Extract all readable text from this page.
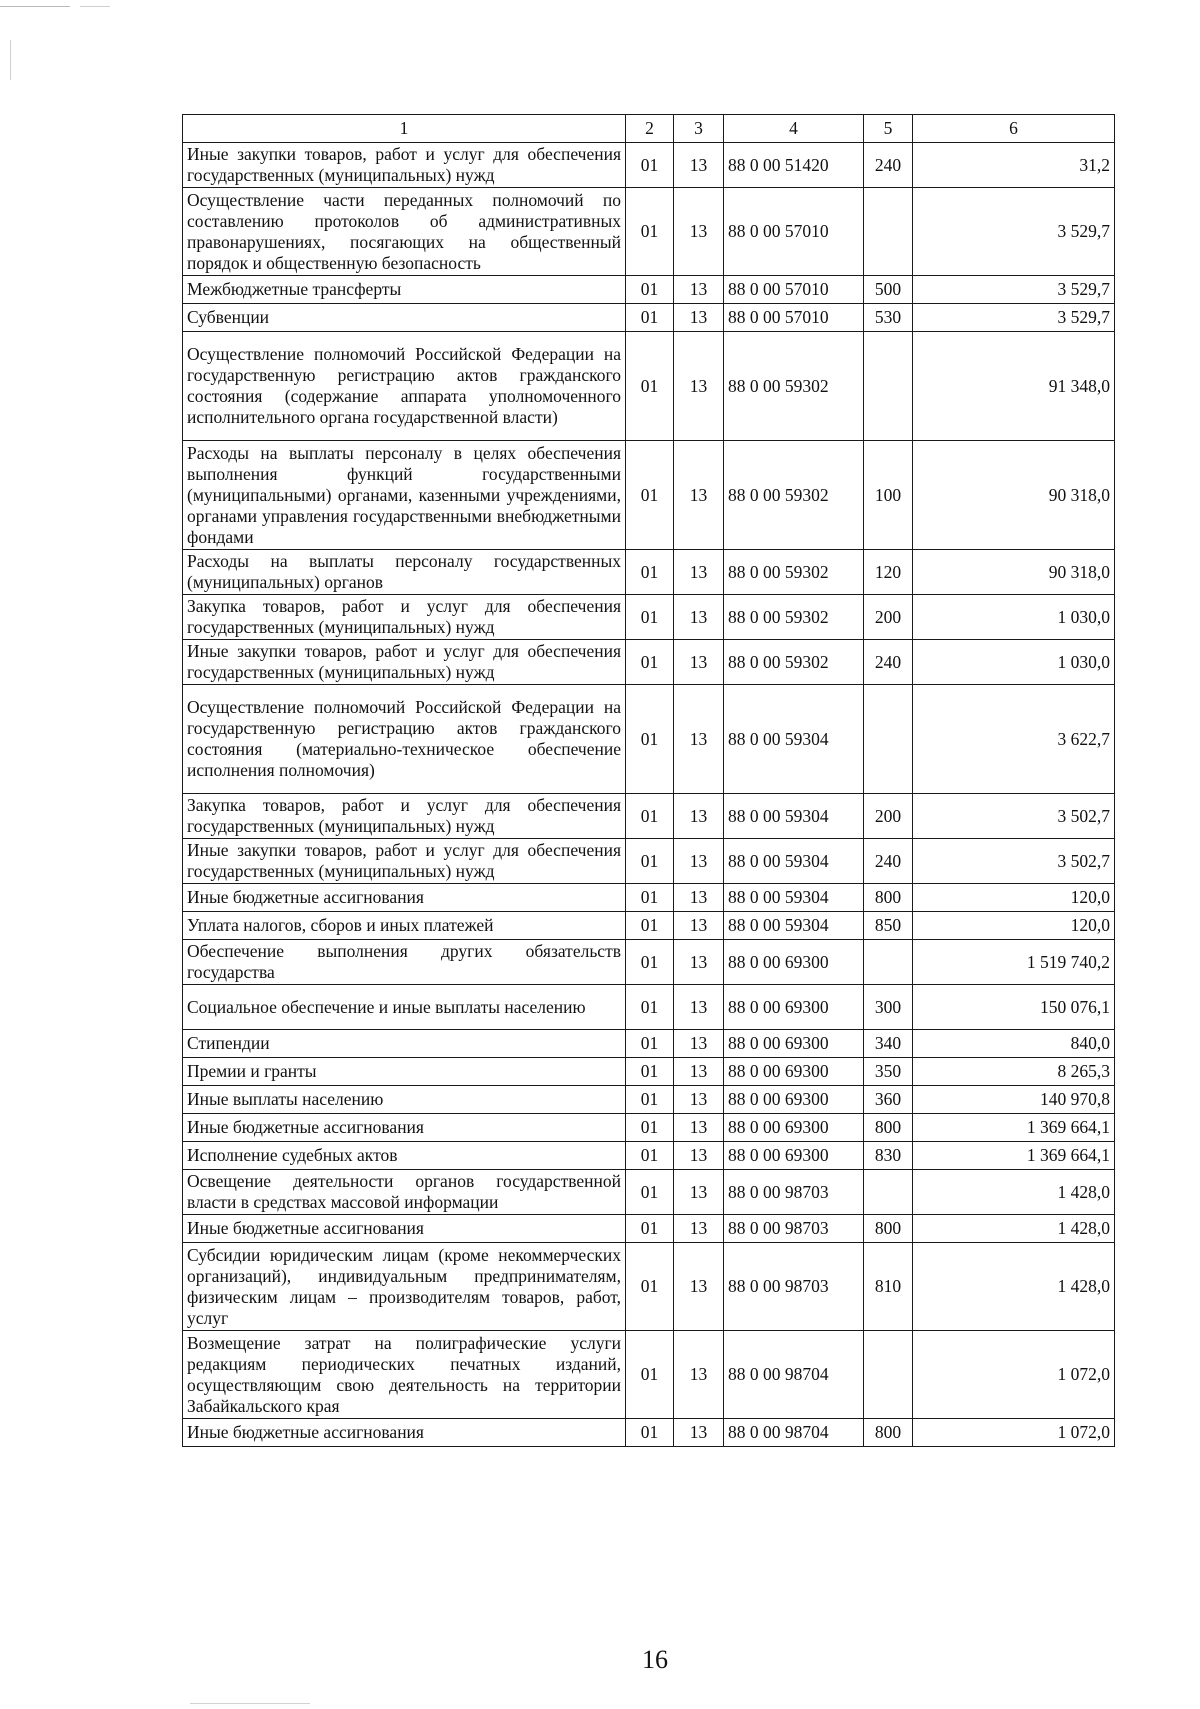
1	2	3	4	5	6
Иные закупки товаров, работ и услуг для обеспечения государственных (муниципальных) нужд	01	13	88 0 00 51420	240	31,2
Осуществление части переданных полномочий по составлению протоколов об административных правонарушениях, посягающих на общественный порядок и общественную безопасность	01	13	88 0 00 57010		3 529,7
Межбюджетные трансферты	01	13	88 0 00 57010	500	3 529,7
Субвенции	01	13	88 0 00 57010	530	3 529,7
Осуществление полномочий Российской Федерации на государственную регистрацию актов гражданского состояния (содержание аппарата уполномоченного исполнительного органа государственной власти)	01	13	88 0 00 59302		91 348,0
Расходы на выплаты персоналу в целях обеспечения выполнения функций государственными (муниципальными) органами, казенными учреждениями, органами управления государственными внебюджетными фондами	01	13	88 0 00 59302	100	90 318,0
Расходы на выплаты персоналу государственных (муниципальных) органов	01	13	88 0 00 59302	120	90 318,0
Закупка товаров, работ и услуг для обеспечения государственных (муниципальных) нужд	01	13	88 0 00 59302	200	1 030,0
Иные закупки товаров, работ и услуг для обеспечения государственных (муниципальных) нужд	01	13	88 0 00 59302	240	1 030,0
Осуществление полномочий Российской Федерации на государственную регистрацию актов гражданского состояния (материально-техническое обеспечение исполнения полномочия)	01	13	88 0 00 59304		3 622,7
Закупка товаров, работ и услуг для обеспечения государственных (муниципальных) нужд	01	13	88 0 00 59304	200	3 502,7
Иные закупки товаров, работ и услуг для обеспечения государственных (муниципальных) нужд	01	13	88 0 00 59304	240	3 502,7
Иные бюджетные ассигнования	01	13	88 0 00 59304	800	120,0
Уплата налогов, сборов и иных платежей	01	13	88 0 00 59304	850	120,0
Обеспечение выполнения других обязательств государства	01	13	88 0 00 69300		1 519 740,2
Социальное обеспечение и иные выплаты населению	01	13	88 0 00 69300	300	150 076,1
Стипендии	01	13	88 0 00 69300	340	840,0
Премии и гранты	01	13	88 0 00 69300	350	8 265,3
Иные выплаты населению	01	13	88 0 00 69300	360	140 970,8
Иные бюджетные ассигнования	01	13	88 0 00 69300	800	1 369 664,1
Исполнение судебных актов	01	13	88 0 00 69300	830	1 369 664,1
Освещение деятельности органов государственной власти в средствах массовой информации	01	13	88 0 00 98703		1 428,0
Иные бюджетные ассигнования	01	13	88 0 00 98703	800	1 428,0
Субсидии юридическим лицам (кроме некоммерческих организаций), индивидуальным предпринимателям, физическим лицам – производителям товаров, работ, услуг	01	13	88 0 00 98703	810	1 428,0
Возмещение затрат на полиграфические услуги редакциям периодических печатных изданий, осуществляющим свою деятельность на территории Забайкальского края	01	13	88 0 00 98704		1 072,0
Иные бюджетные ассигнования	01	13	88 0 00 98704	800	1 072,0
16
